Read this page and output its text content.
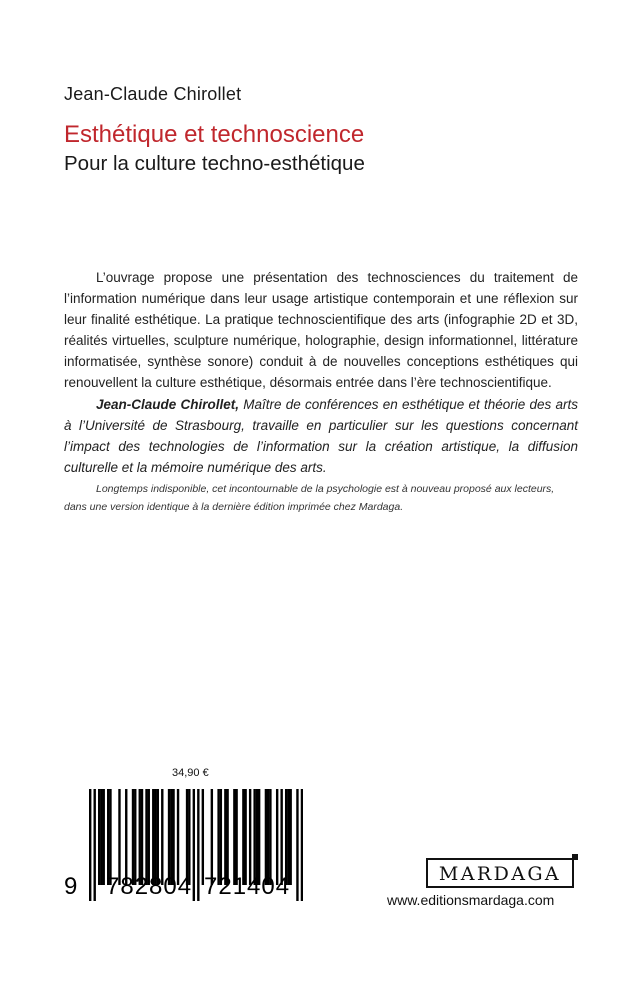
Jean-Claude Chirollet
Esthétique et technoscience
Pour la culture techno-esthétique

L’ouvrage propose une présentation des technosciences du traitement de l’information numérique dans leur usage artistique contemporain et une réflexion sur leur finalité esthétique. La pratique technoscientifique des arts (infographie 2D et 3D, réalités virtuelles, sculpture numérique, holographie, design informationnel, littérature informatisée, synthèse sonore) conduit à de nouvelles conceptions esthétiques qui renouvellent la culture esthétique, désormais entrée dans l’ère technoscientifique.

Jean-Claude Chirollet, Maître de conférences en esthétique et théorie des arts à l’Université de Strasbourg, travaille en particulier sur les questions concernant l’impact des technologies de l’information sur la création artistique, la diffusion culturelle et la mémoire numérique des arts.

Longtemps indisponible, cet incontournable de la psychologie est à nouveau proposé aux lecteurs, dans une version identique à la dernière édition imprimée chez Mardaga.

34,90 €
9 782804 721404	MARDAGA
www.editionsmardaga.com
